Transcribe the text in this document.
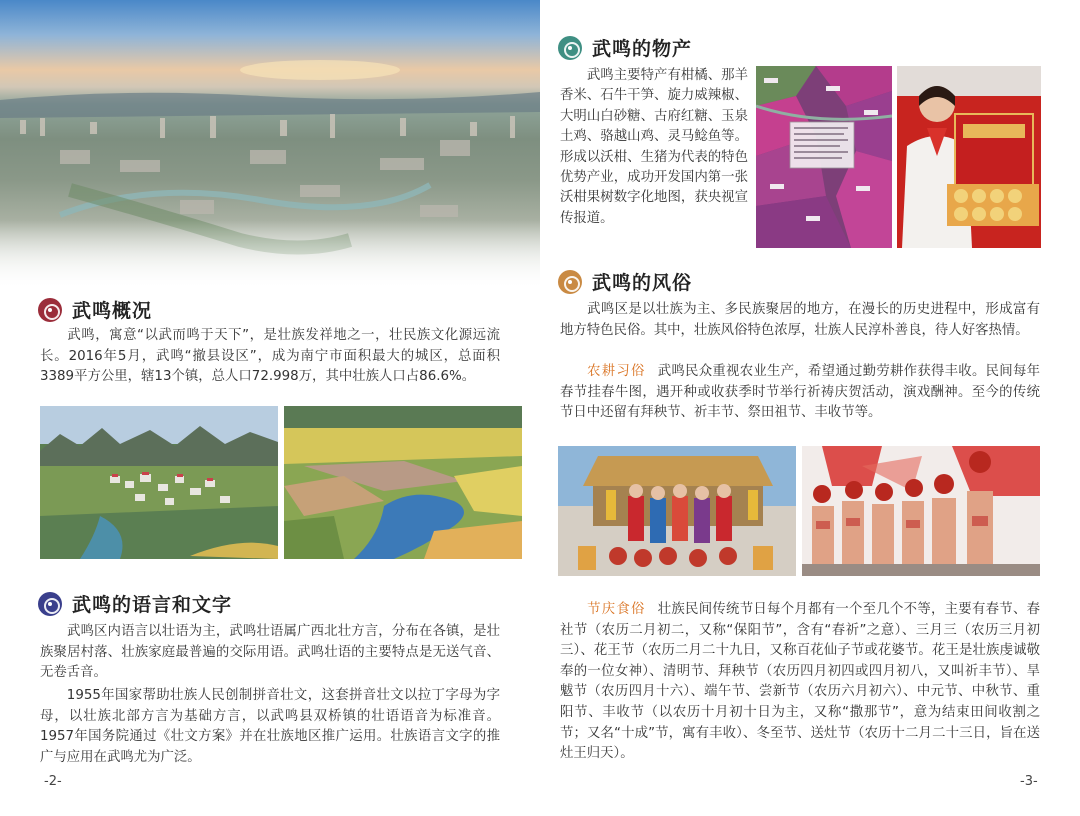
武鸣概况

武鸣，寓意“以武而鸣于天下”，是壮族发祥地之一，壮民族文化源远流长。2016年5月，武鸣“撤县设区”，成为南宁市面积最大的城区，总面积3389平方公里，辖13个镇，总人口72.998万，其中壮族人口占86.6%。

武鸣的语言和文字

武鸣区内语言以壮语为主，武鸣壮语属广西北壮方言，分布在各镇，是壮族聚居村落、壮族家庭最普遍的交际用语。武鸣壮语的主要特点是无送气音、无卷舌音。

1955年国家帮助壮族人民创制拼音壮文，这套拼音壮文以拉丁字母为字母，以壮族北部方言为基础方言，以武鸣县双桥镇的壮语语音为标准音。1957年国务院通过《壮文方案》并在壮族地区推广运用。壮族语言文字的推广与应用在武鸣尤为广泛。

-2-
武鸣的物产

武鸣主要特产有柑橘、那羊香米、石牛干笋、旋力威辣椒、大明山白砂糖、古府红糖、玉泉土鸡、骆越山鸡、灵马鲶鱼等。形成以沃柑、生猪为代表的特色优势产业，成功开发国内第一张沃柑果树数字化地图，获央视宣传报道。

武鸣的风俗

武鸣区是以壮族为主、多民族聚居的地方，在漫长的历史进程中，形成富有地方特色民俗。其中，壮族风俗特色浓厚，壮族人民淳朴善良，待人好客热情。

农耕习俗 武鸣民众重视农业生产，希望通过勤劳耕作获得丰收。民间每年春节挂春牛图，遇开种或收获季时节举行祈祷庆贺活动，演戏酬神。至今的传统节日中还留有拜秧节、祈丰节、祭田祖节、丰收节等。

节庆食俗 壮族民间传统节日每个月都有一个至几个不等，主要有春节、春社节（农历二月初二，又称“保阳节”，含有“春祈”之意）、三月三（农历三月初三）、花王节（农历二月二十九日，又称百花仙子节或花婆节。花王是壮族虔诚敬奉的一位女神）、清明节、拜秧节（农历四月初四或四月初八，又叫祈丰节）、旱魃节（农历四月十六）、端午节、尝新节（农历六月初六）、中元节、中秋节、重阳节、丰收节（以农历十月初十日为主，又称“撒那节”，意为结束田间收割之节；又名“十成”节，寓有丰收）、冬至节、送灶节（农历十二月二十三日，旨在送灶王归天）。

-3-
